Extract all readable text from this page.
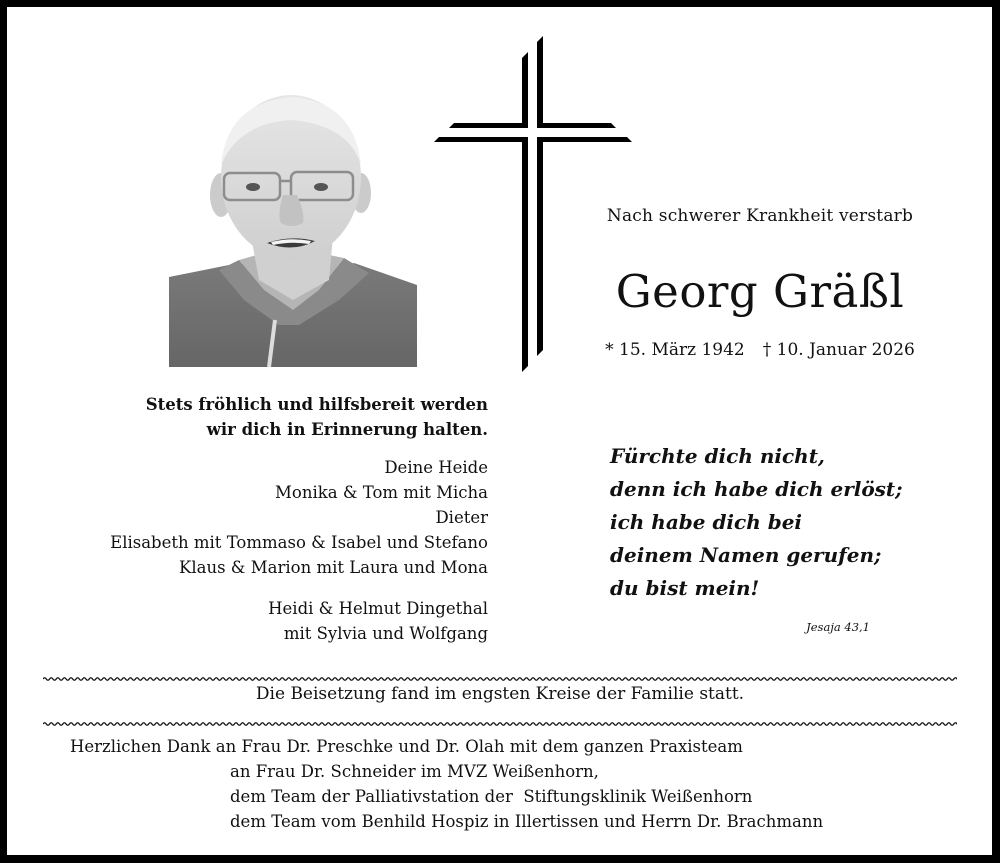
Nach schwerer Krankheit verstarb
Georg Gräßl
* 15. März 1942 † 10. Januar 2026
Stets fröhlich und hilfsbereit werden
wir dich in Erinnerung halten.
Deine Heide
Monika & Tom mit Micha
Dieter
Elisabeth mit Tommaso & Isabel und Stefano
Klaus & Marion mit Laura und Mona
Heidi & Helmut Dingethal
mit Sylvia und Wolfgang
Fürchte dich nicht,
denn ich habe dich erlöst;
ich habe dich bei
deinem Namen gerufen;
du bist mein!
Jesaja 43,1
Die Beisetzung fand im engsten Kreise der Familie statt.
Herzlichen Dank an Frau Dr. Preschke und Dr. Olah mit dem ganzen Praxisteam
an Frau Dr. Schneider im MVZ Weißenhorn,
dem Team der Palliativstation der  Stiftungsklinik Weißenhorn
dem Team vom Benhild Hospiz in Illertissen und Herrn Dr. Brachmann
